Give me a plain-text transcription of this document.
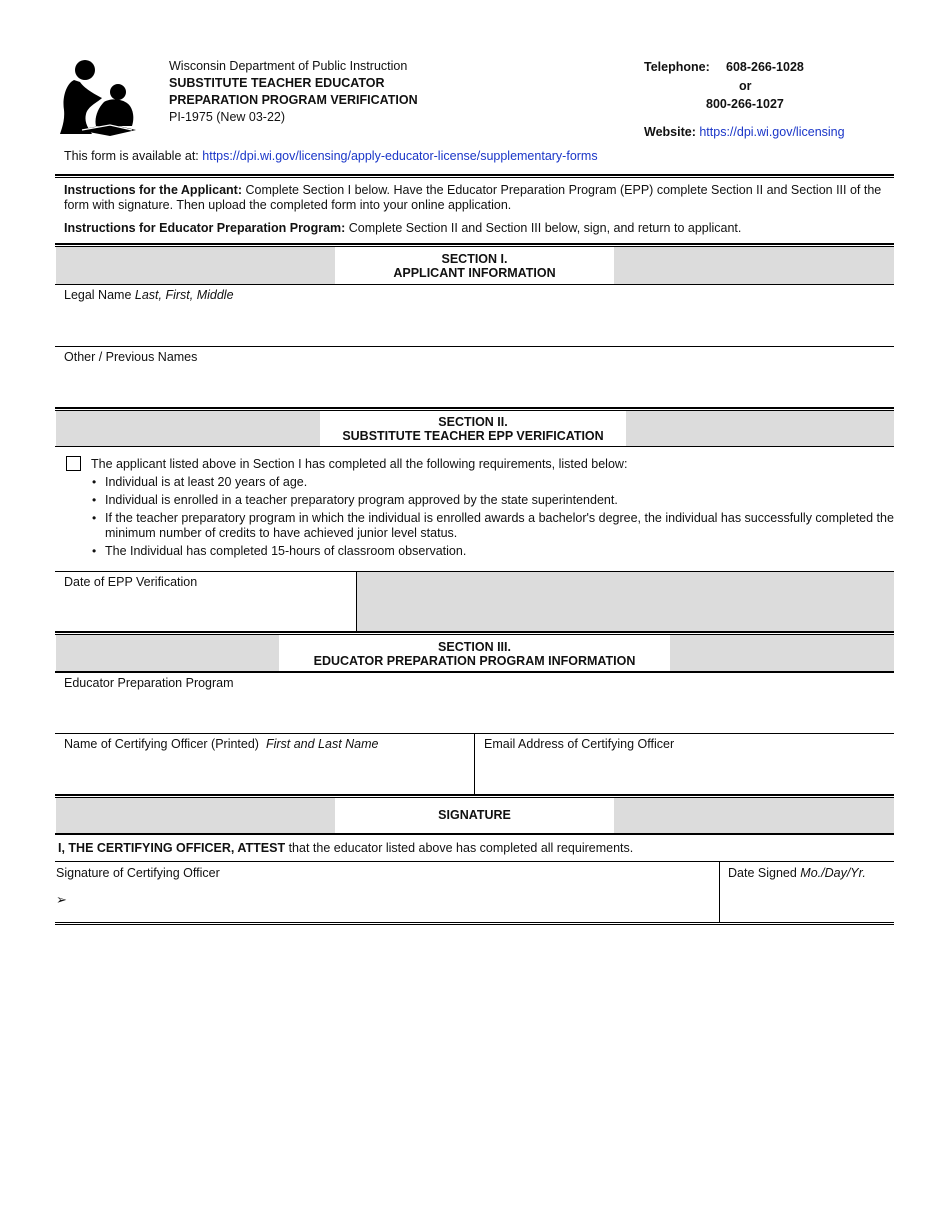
Wisconsin Department of Public Instruction
SUBSTITUTE TEACHER EDUCATOR
PREPARATION PROGRAM VERIFICATION
PI-1975 (New 03-22)
Telephone: 608-266-1028
or
800-266-1027
Website: https://dpi.wi.gov/licensing
This form is available at: https://dpi.wi.gov/licensing/apply-educator-license/supplementary-forms
Instructions for the Applicant: Complete Section I below. Have the Educator Preparation Program (EPP) complete Section II and Section III of the form with signature. Then upload the completed form into your online application.
Instructions for Educator Preparation Program: Complete Section II and Section III below, sign, and return to applicant.
SECTION I.
APPLICANT INFORMATION
Legal Name Last, First, Middle
Other / Previous Names
SECTION II.
SUBSTITUTE TEACHER EPP VERIFICATION
The applicant listed above in Section I has completed all the following requirements, listed below:
• Individual is at least 20 years of age.
• Individual is enrolled in a teacher preparatory program approved by the state superintendent.
• If the teacher preparatory program in which the individual is enrolled awards a bachelor's degree, the individual has successfully completed the minimum number of credits to have achieved junior level status.
• The Individual has completed 15-hours of classroom observation.
Date of EPP Verification
SECTION III.
EDUCATOR PREPARATION PROGRAM INFORMATION
Educator Preparation Program
Name of Certifying Officer (Printed) First and Last Name	Email Address of Certifying Officer
SIGNATURE
I, THE CERTIFYING OFFICER, ATTEST that the educator listed above has completed all requirements.
Signature of Certifying Officer
➢
Date Signed Mo./Day/Yr.
